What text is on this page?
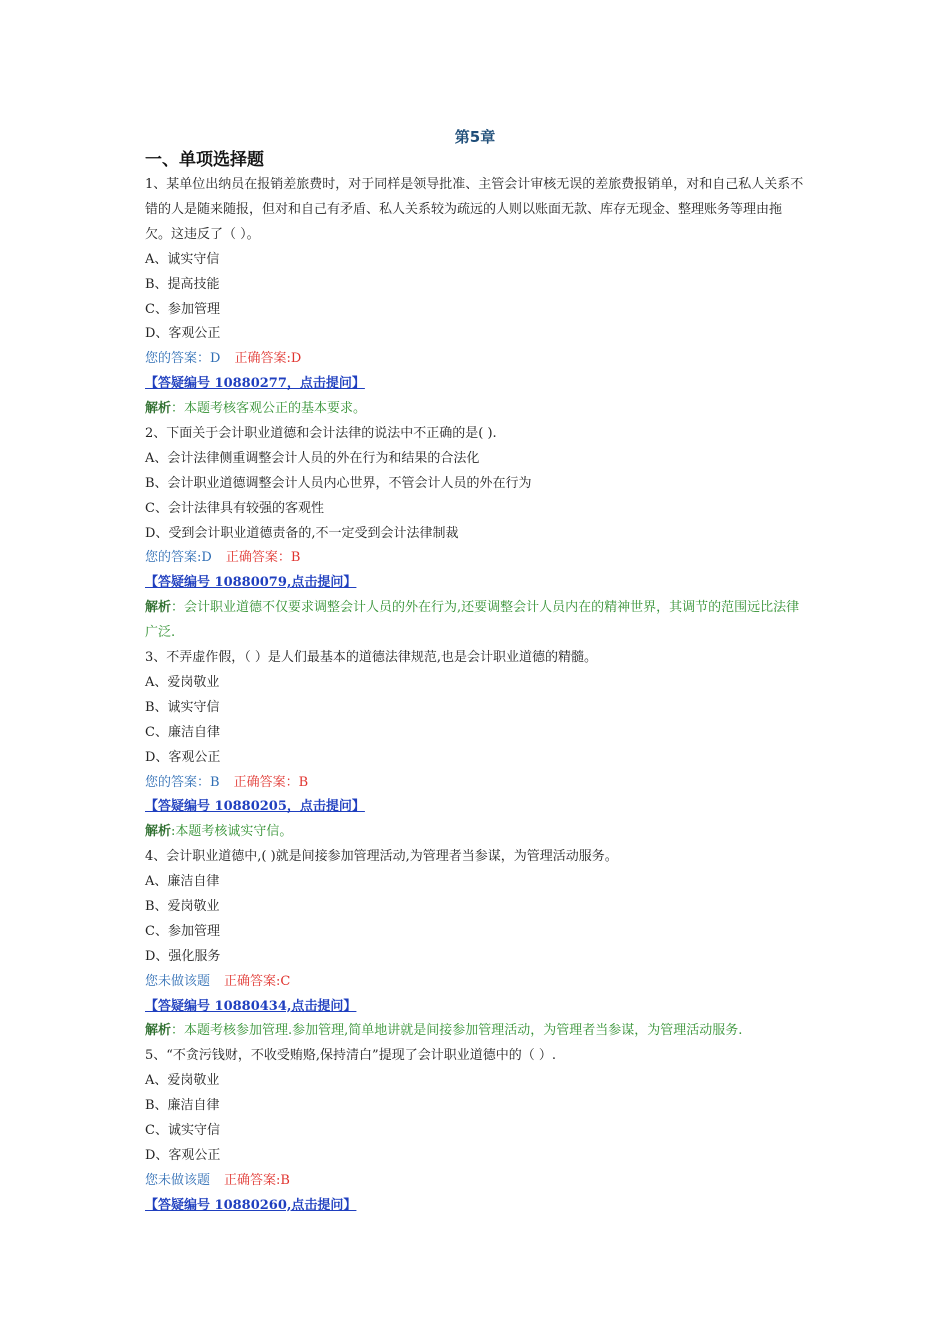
第5章
一、单项选择题
1、某单位出纳员在报销差旅费时，对于同样是领导批准、主管会计审核无误的差旅费报销单，对和自己私人关系不错的人是随来随报，但对和自己有矛盾、私人关系较为疏远的人则以账面无款、库存无现金、整理账务等理由拖欠。这违反了（ ）。
A、诚实守信
B、提高技能
C、参加管理
D、客观公正
您的答案：D 正确答案:D
【答疑编号 10880277，点击提问】
解析：本题考核客观公正的基本要求。
2、下面关于会计职业道德和会计法律的说法中不正确的是( ).
A、会计法律侧重调整会计人员的外在行为和结果的合法化
B、会计职业道德调整会计人员内心世界，不管会计人员的外在行为
C、会计法律具有较强的客观性
D、受到会计职业道德责备的,不一定受到会计法律制裁
您的答案:D 正确答案：B
【答疑编号 10880079,点击提问】
解析：会计职业道德不仅要求调整会计人员的外在行为,还要调整会计人员内在的精神世界，其调节的范围远比法律广泛.
3、不弄虚作假，（ ）是人们最基本的道德法律规范,也是会计职业道德的精髓。
A、爱岗敬业
B、诚实守信
C、廉洁自律
D、客观公正
您的答案：B 正确答案：B
【答疑编号 10880205，点击提问】
解析:本题考核诚实守信。
4、会计职业道德中,( )就是间接参加管理活动,为管理者当参谋，为管理活动服务。
A、廉洁自律
B、爱岗敬业
C、参加管理
D、强化服务
您未做该题 正确答案:C
【答疑编号 10880434,点击提问】
解析：本题考核参加管理.参加管理,简单地讲就是间接参加管理活动，为管理者当参谋，为管理活动服务.
5、“不贪污钱财，不收受贿赂,保持清白”提现了会计职业道德中的（ ）.
A、爱岗敬业
B、廉洁自律
C、诚实守信
D、客观公正
您未做该题 正确答案:B
【答疑编号 10880260,点击提问】
